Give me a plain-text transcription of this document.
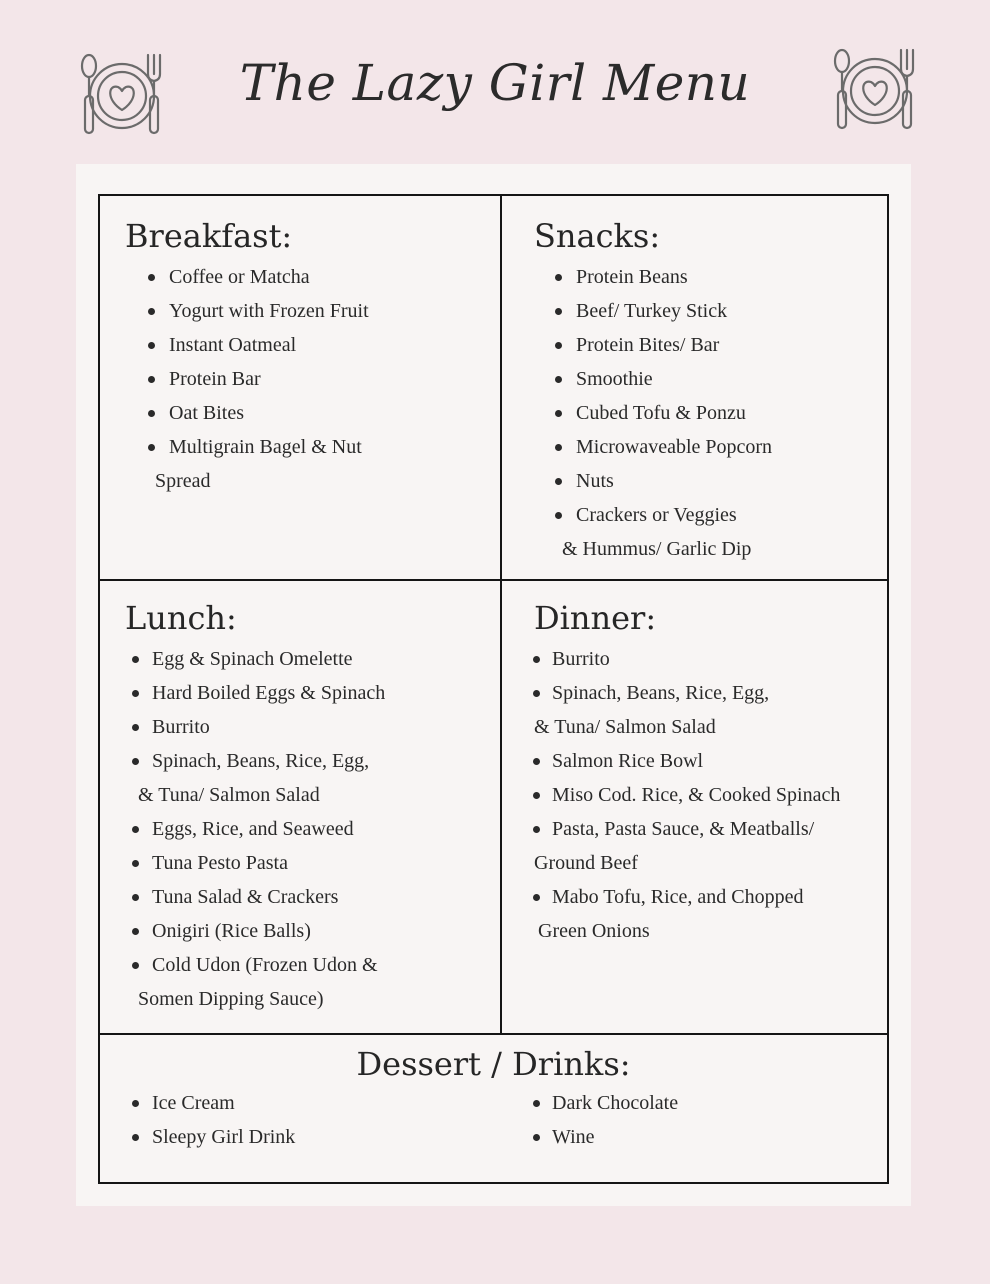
The Lazy Girl Menu
Breakfast:
Coffee or Matcha
Yogurt with Frozen Fruit
Instant Oatmeal
Protein Bar
Oat Bites
Multigrain Bagel & Nut
Spread
Snacks:
Protein Beans
Beef/ Turkey Stick
Protein Bites/ Bar
Smoothie
Cubed Tofu & Ponzu
Microwaveable Popcorn
Nuts
Crackers or Veggies
& Hummus/ Garlic Dip
Lunch:
Egg & Spinach Omelette
Hard Boiled Eggs & Spinach
Burrito
Spinach, Beans, Rice, Egg,
& Tuna/ Salmon Salad
Eggs, Rice, and Seaweed
Tuna Pesto Pasta
Tuna Salad & Crackers
Onigiri (Rice Balls)
Cold Udon (Frozen Udon &
Somen Dipping Sauce)
Dinner:
Burrito
Spinach, Beans, Rice, Egg,
& Tuna/ Salmon Salad
Salmon Rice Bowl
Miso Cod. Rice, & Cooked Spinach
Pasta, Pasta Sauce, & Meatballs/
Ground Beef
Mabo Tofu, Rice, and Chopped
Green Onions
Dessert / Drinks:
Ice Cream
Sleepy Girl Drink
Dark Chocolate
Wine
